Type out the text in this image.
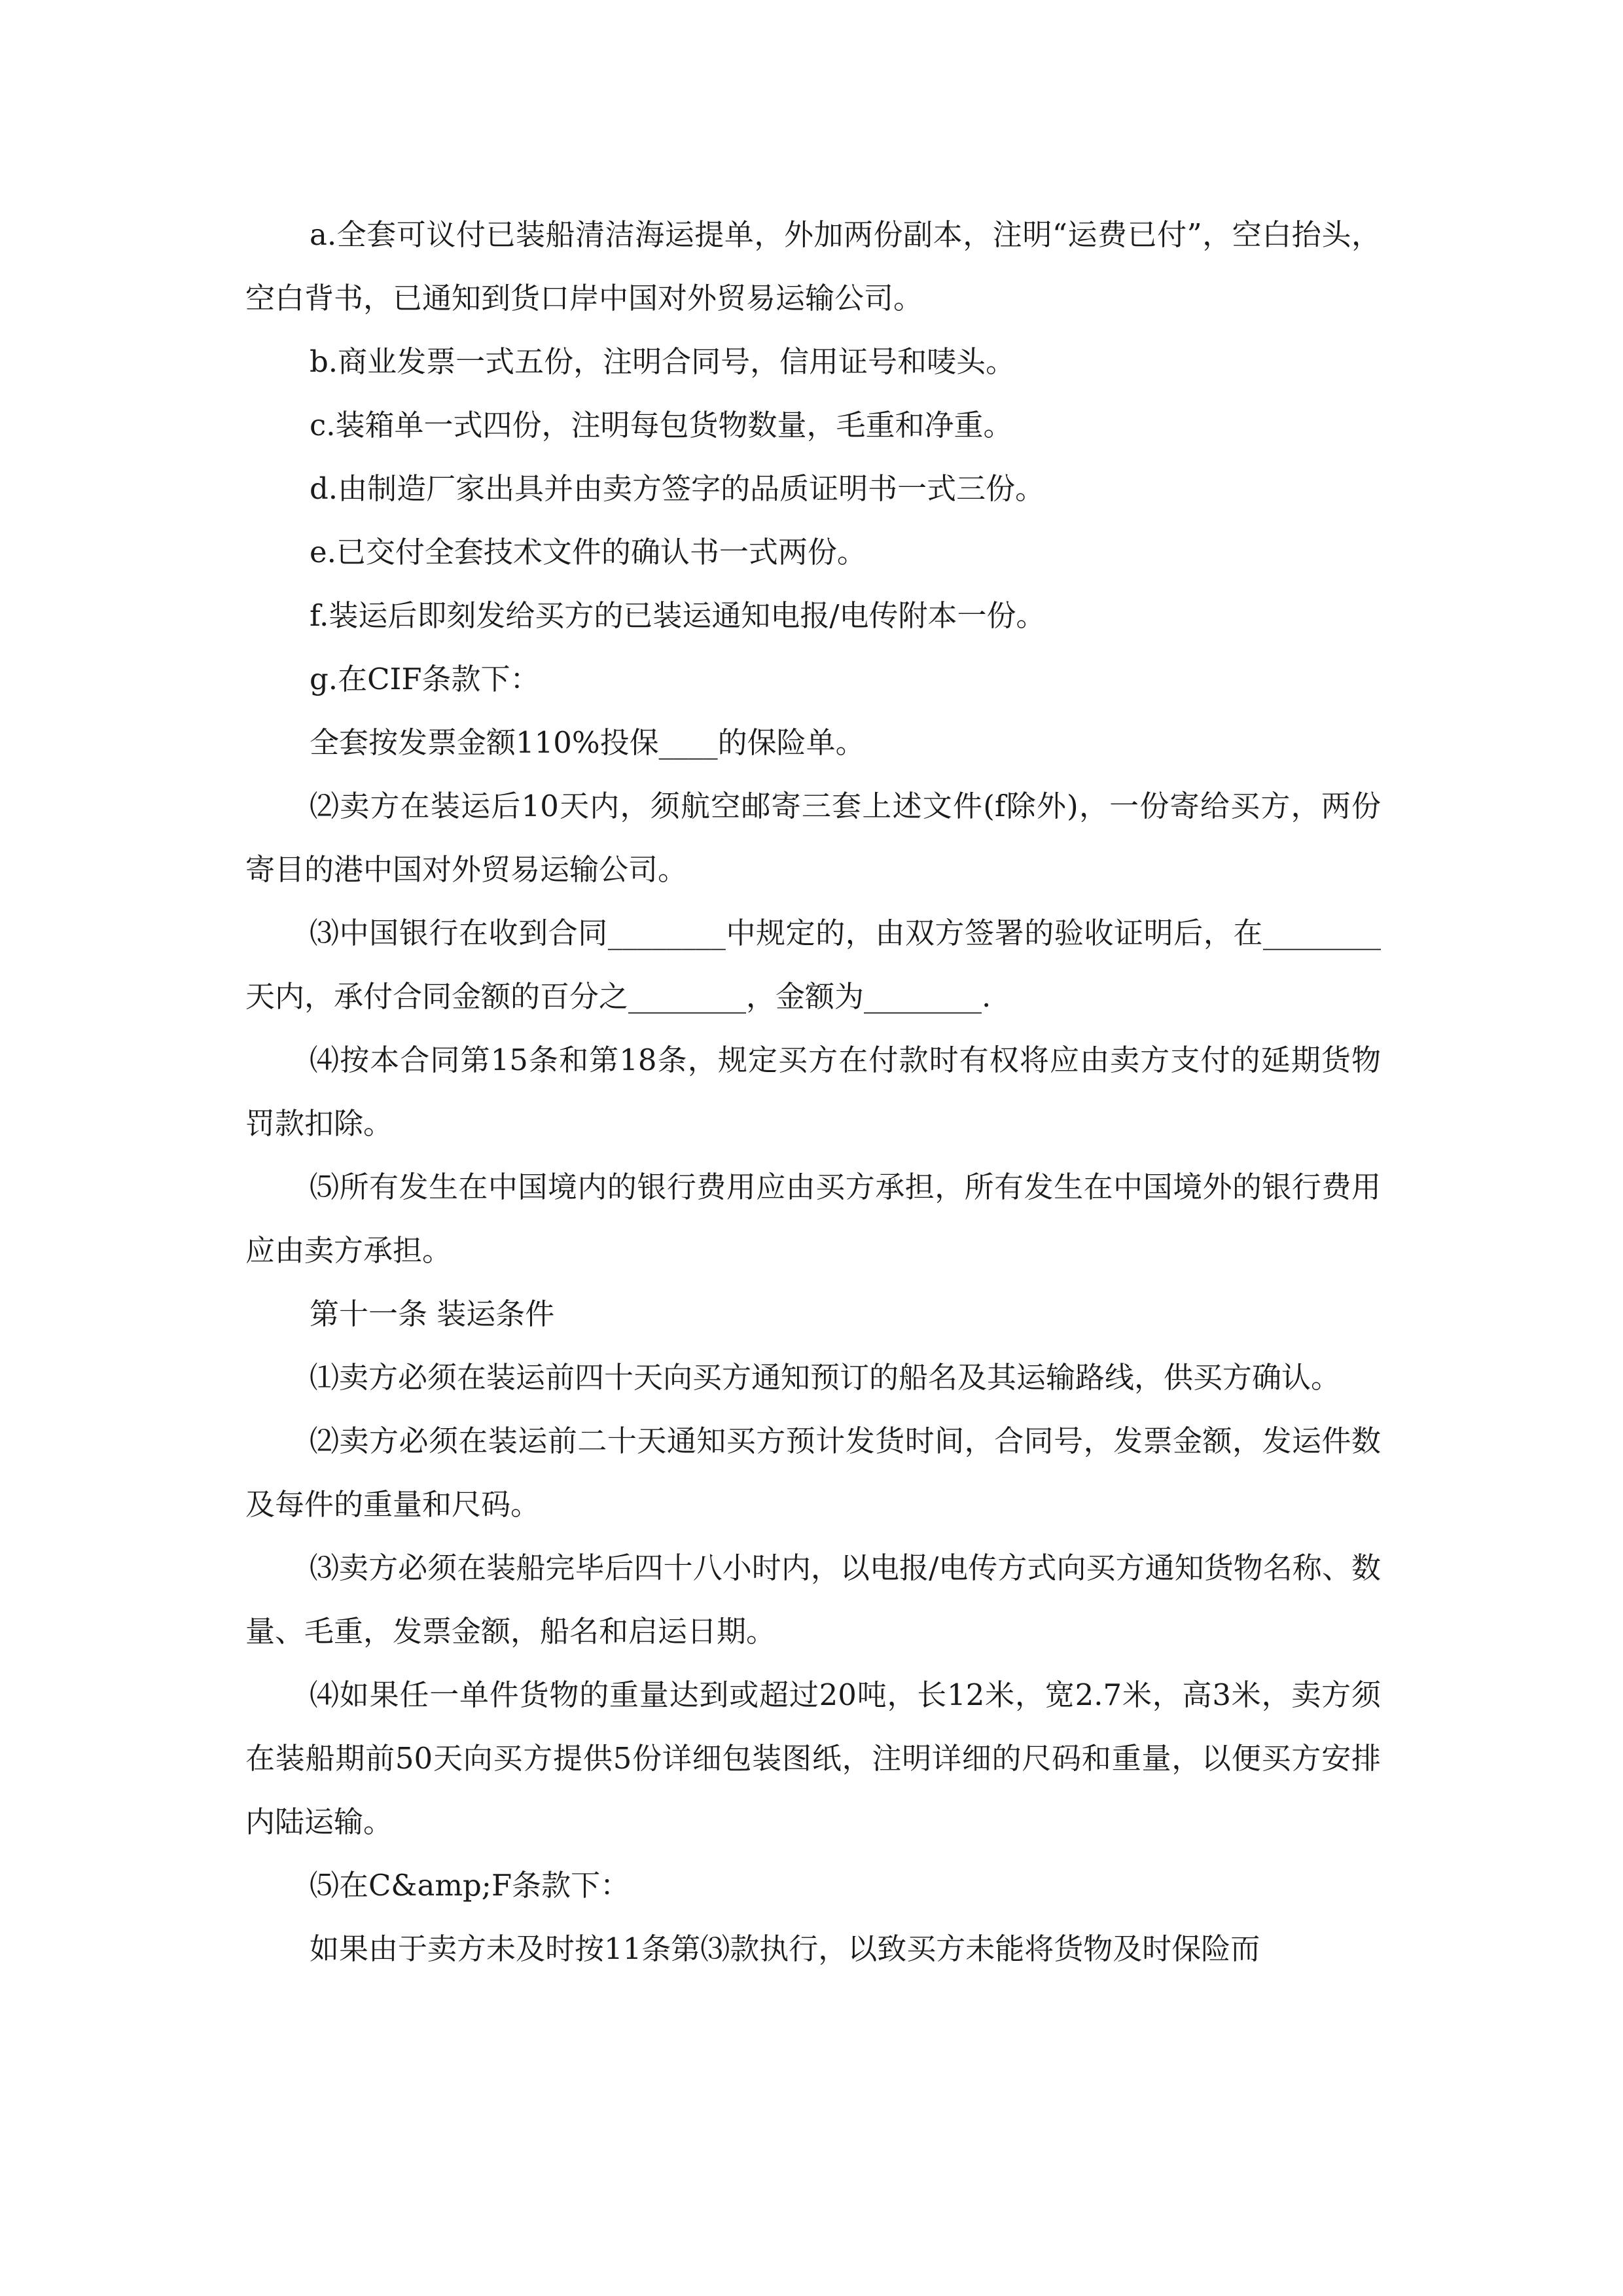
a.全套可议付已装船清洁海运提单，外加两份副本，注明“运费已付”，空白抬头，空白背书，已通知到货口岸中国对外贸易运输公司。

b.商业发票一式五份，注明合同号，信用证号和唛头。

c.装箱单一式四份，注明每包货物数量，毛重和净重。

d.由制造厂家出具并由卖方签字的品质证明书一式三份。

e.已交付全套技术文件的确认书一式两份。

f.装运后即刻发给买方的已装运通知电报/电传附本一份。

g.在CIF条款下：

全套按发票金额110%投保____的保险单。

⑵卖方在装运后10天内，须航空邮寄三套上述文件(f除外)，一份寄给买方，两份寄目的港中国对外贸易运输公司。

⑶中国银行在收到合同________中规定的，由双方签署的验收证明后，在________天内，承付合同金额的百分之________，金额为________.

⑷按本合同第15条和第18条，规定买方在付款时有权将应由卖方支付的延期货物罚款扣除。

⑸所有发生在中国境内的银行费用应由买方承担，所有发生在中国境外的银行费用应由卖方承担。

第十一条 装运条件

⑴卖方必须在装运前四十天向买方通知预订的船名及其运输路线，供买方确认。

⑵卖方必须在装运前二十天通知买方预计发货时间，合同号，发票金额，发运件数及每件的重量和尺码。

⑶卖方必须在装船完毕后四十八小时内，以电报/电传方式向买方通知货物名称、数量、毛重，发票金额，船名和启运日期。

⑷如果任一单件货物的重量达到或超过20吨，长12米，宽2.7米，高3米，卖方须在装船期前50天向买方提供5份详细包装图纸，注明详细的尺码和重量，以便买方安排内陆运输。

⑸在C&amp;F条款下：

如果由于卖方未及时按11条第⑶款执行，以致买方未能将货物及时保险而
